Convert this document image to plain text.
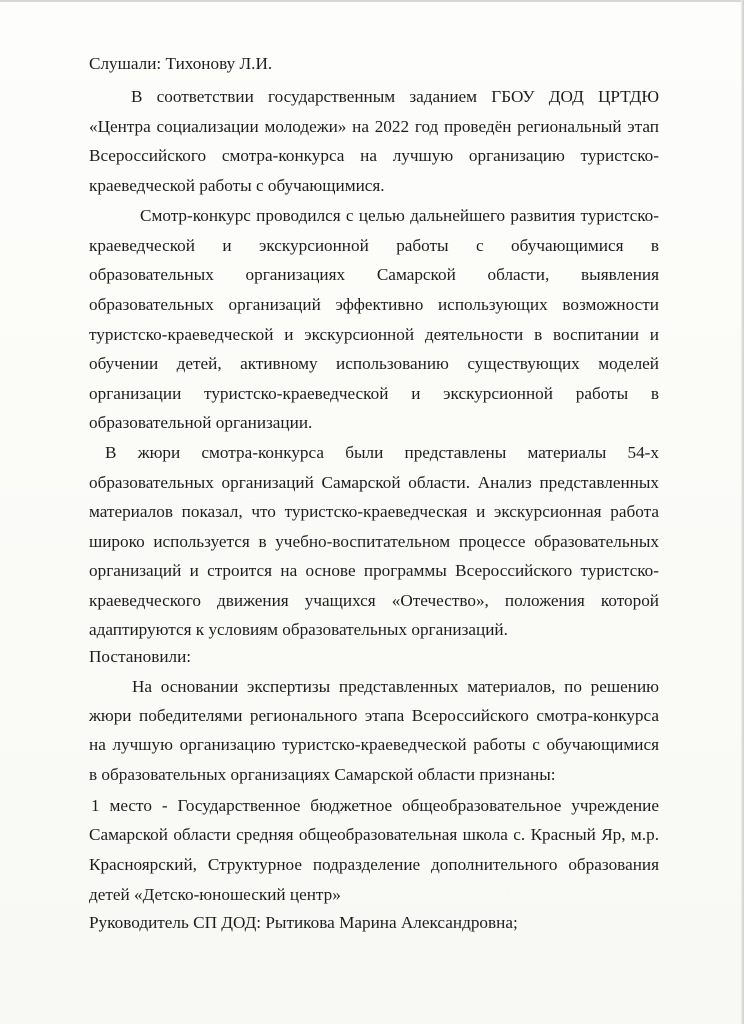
Слушали: Тихонову Л.И.
В соответствии государственным заданием ГБОУ ДОД ЦРТДЮ
«Центра социализации молодежи» на 2022 год проведён региональный этап
Всероссийского смотра-конкурса на лучшую организацию туристско-
краеведческой работы с обучающимися.
Смотр-конкурс проводился с целью дальнейшего развития туристско-
краеведческой и экскурсионной работы с обучающимися в
образовательных организациях Самарской области, выявления
образовательных организаций эффективно использующих возможности
туристско-краеведческой и экскурсионной деятельности в воспитании и
обучении детей, активному использованию существующих моделей
организации туристско-краеведческой и экскурсионной работы в
образовательной организации.
В жюри смотра-конкурса были представлены материалы 54-х
образовательных организаций Самарской области. Анализ представленных
материалов показал, что туристско-краеведческая и экскурсионная работа
широко используется в учебно-воспитательном процессе образовательных
организаций и строится на основе программы Всероссийского туристско-
краеведческого движения учащихся «Отечество», положения которой
адаптируются к условиям образовательных организаций.
Постановили:
На основании экспертизы представленных материалов, по решению
жюри победителями регионального этапа Всероссийского смотра-конкурса
на лучшую организацию туристско-краеведческой работы с обучающимися
в образовательных организациях Самарской области признаны:
1 место - Государственное бюджетное общеобразовательное учреждение
Самарской области средняя общеобразовательная школа с. Красный Яр, м.р.
Красноярский, Структурное подразделение дополнительного образования
детей «Детско-юношеский центр»
Руководитель СП ДОД: Рытикова Марина Александровна;
